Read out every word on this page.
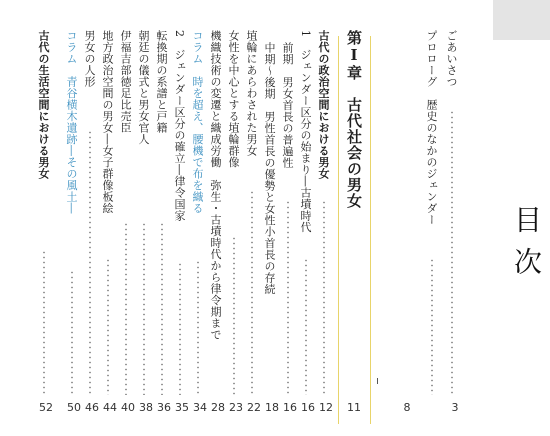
目次
ごあいさつ
プロローグ　歴史のなかのジェンダー
第Ⅰ章　古代社会の男女
古代の政治空間における男女
1　ジェンダー区分の始まり―古墳時代
前期　男女首長の普遍性
中期～後期　男性首長の優勢と女性小首長の存続
埴輪にあらわされた男女
女性を中心とする埴輪群像
機織技術の変遷と織成労働　弥生・古墳時代から律令期まで
コラム　時を超え、腰機で布を織る
2　ジェンダー区分の確立―律令国家
転換期の系譜と戸籍
朝廷の儀式と男女官人
伊福吉部徳足比売臣
地方政治空間の男女―女子群像板絵
男女の人形
コラム　青谷横木遺跡―その風土―
古代の生活空間における男女
3
8
11
12
16
16
18
22
23
28
34
35
36
38
40
44
46
50
52
